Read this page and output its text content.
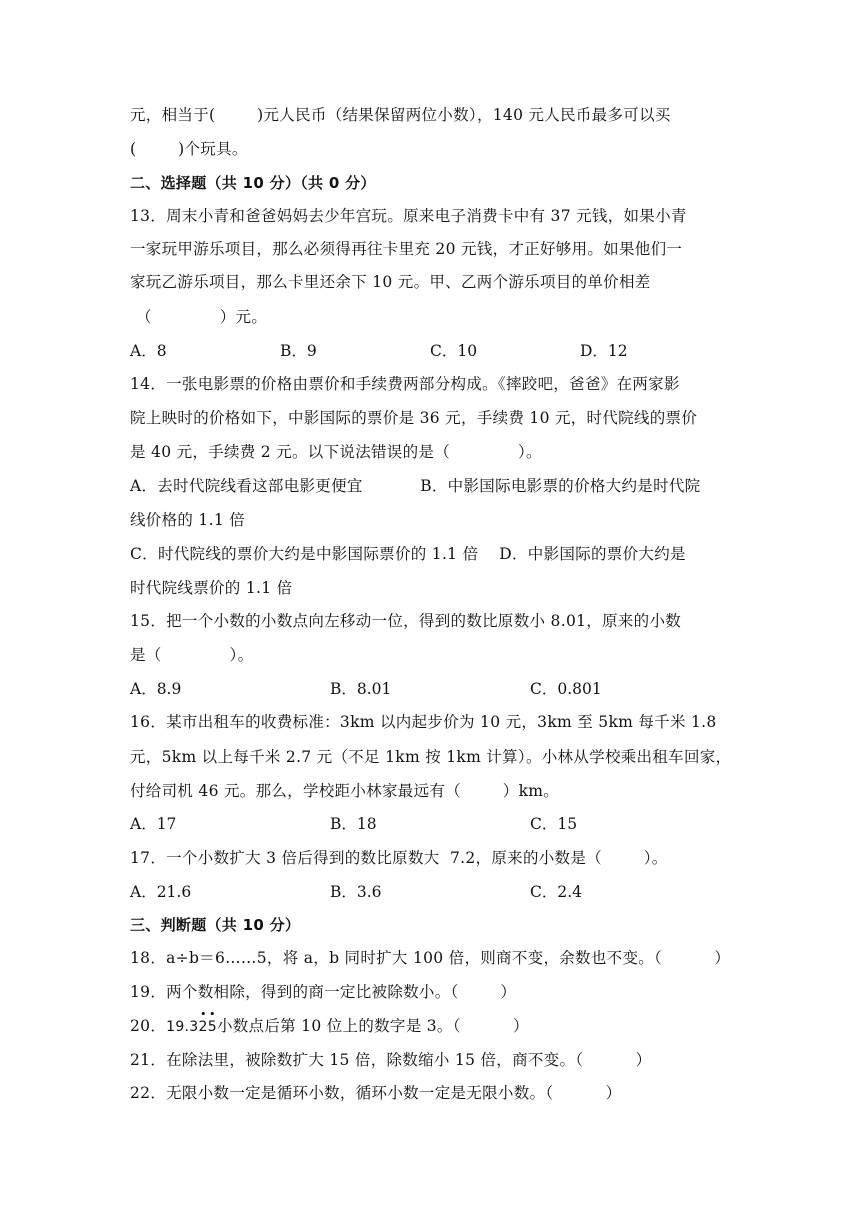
元，相当于(        )元人民币（结果保留两位小数），140 元人民币最多可以买
(        )个玩具。
二、选择题（共 10 分）（共 0 分）
13．周末小青和爸爸妈妈去少年宫玩。原来电子消费卡中有 37 元钱，如果小青
一家玩甲游乐项目，那么必须得再往卡里充 20 元钱，才正好够用。如果他们一
家玩乙游乐项目，那么卡里还余下 10 元。甲、乙两个游乐项目的单价相差
（             ）元。
A．8	B．9	C．10	D．12
14．一张电影票的价格由票价和手续费两部分构成。《摔跤吧，爸爸》在两家影
院上映时的价格如下，中影国际的票价是 36 元，手续费 10 元，时代院线的票价
是 40 元，手续费 2 元。以下说法错误的是（             ）。
A．去时代院线看这部电影更便宜           B．中影国际电影票的价格大约是时代院
线价格的 1.1 倍
C．时代院线的票价大约是中影国际票价的 1.1 倍    D．中影国际的票价大约是
时代院线票价的 1.1 倍
15．把一个小数的小数点向左移动一位，得到的数比原数小 8.01，原来的小数
是（             ）。
A．8.9	B．8.01	C．0.801
16．某市出租车的收费标准：3km 以内起步价为 10 元，3km 至 5km 每千米 1.8
元，5km 以上每千米 2.7 元（不足 1km 按 1km 计算）。小林从学校乘出租车回家，
付给司机 46 元。那么，学校距小林家最远有（        ）km。
A．17	B．18	C．15
17．一个小数扩大 3 倍后得到的数比原数大  7.2，原来的小数是（        ）。
A．21.6	B．3.6	C．2.4
三、判断题（共 10 分）
18．a÷b＝6……5，将 a，b 同时扩大 100 倍，则商不变，余数也不变。（          ）
19．两个数相除，得到的商一定比被除数小。（        ）
20．19.32
5
小数点后第 10 位上的数字是 3。（          ）
21．在除法里，被除数扩大 15 倍，除数缩小 15 倍，商不变。（          ）
22．无限小数一定是循环小数，循环小数一定是无限小数。（          ）
